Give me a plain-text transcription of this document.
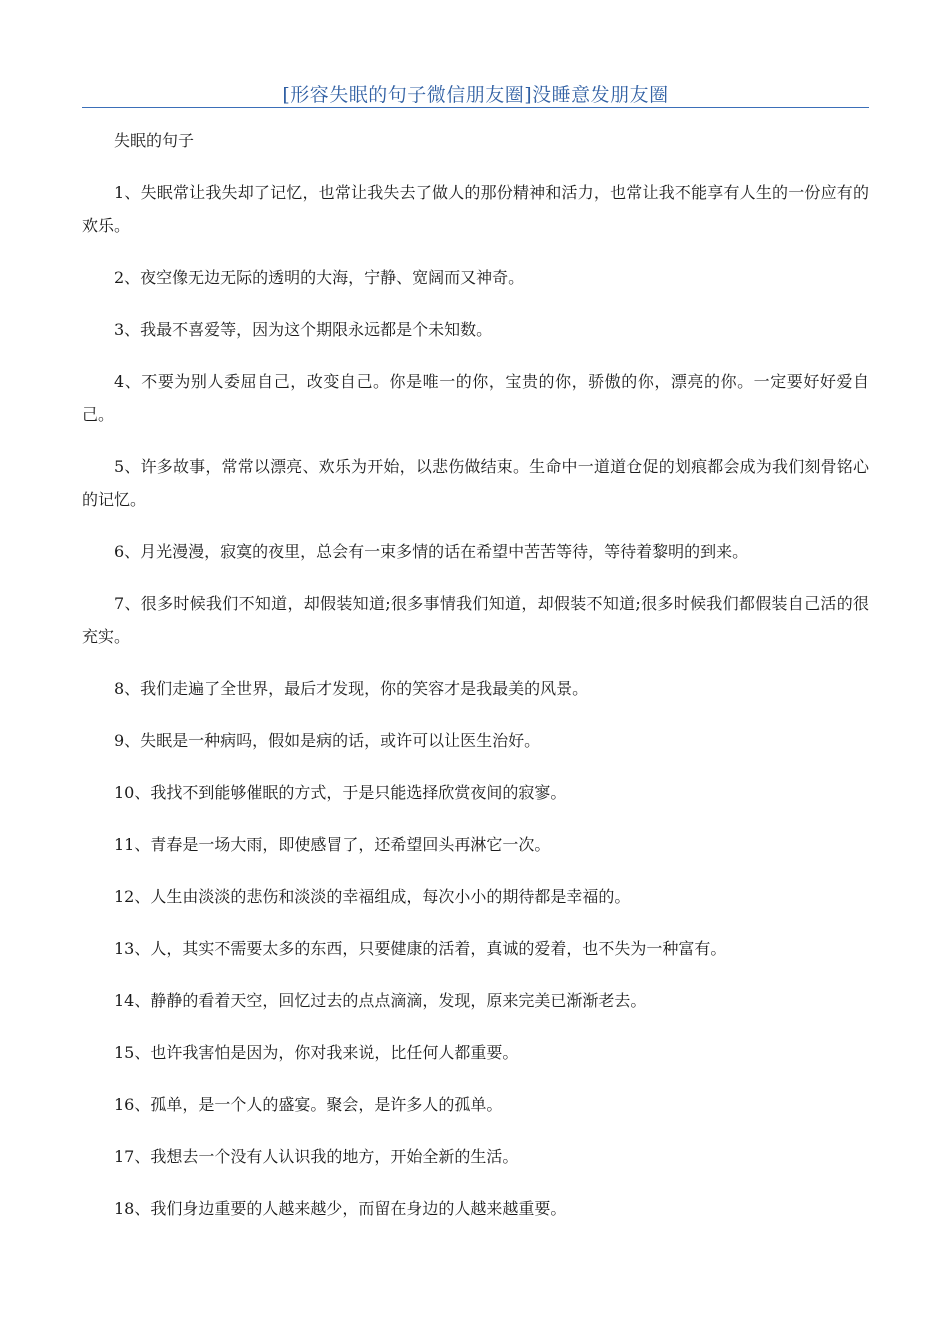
[形容失眠的句子微信朋友圈]没睡意发朋友圈

失眠的句子

1、失眠常让我失却了记忆，也常让我失去了做人的那份精神和活力，也常让我不能享有人生的一份应有的欢乐。

2、夜空像无边无际的透明的大海，宁静、宽阔而又神奇。

3、我最不喜爱等，因为这个期限永远都是个未知数。

4、不要为别人委屈自己，改变自己。你是唯一的你，宝贵的你，骄傲的你，漂亮的你。一定要好好爱自己。

5、许多故事，常常以漂亮、欢乐为开始，以悲伤做结束。生命中一道道仓促的划痕都会成为我们刻骨铭心的记忆。

6、月光漫漫，寂寞的夜里，总会有一束多情的话在希望中苦苦等待，等待着黎明的到来。

7、很多时候我们不知道，却假装知道;很多事情我们知道，却假装不知道;很多时候我们都假装自己活的很充实。

8、我们走遍了全世界，最后才发现，你的笑容才是我最美的风景。

9、失眠是一种病吗，假如是病的话，或许可以让医生治好。

10、我找不到能够催眠的方式，于是只能选择欣赏夜间的寂寥。

11、青春是一场大雨，即使感冒了，还希望回头再淋它一次。

12、人生由淡淡的悲伤和淡淡的幸福组成，每次小小的期待都是幸福的。

13、人，其实不需要太多的东西，只要健康的活着，真诚的爱着，也不失为一种富有。

14、静静的看着天空，回忆过去的点点滴滴，发现，原来完美已渐渐老去。

15、也许我害怕是因为，你对我来说，比任何人都重要。

16、孤单，是一个人的盛宴。聚会，是许多人的孤单。

17、我想去一个没有人认识我的地方，开始全新的生活。

18、我们身边重要的人越来越少，而留在身边的人越来越重要。
